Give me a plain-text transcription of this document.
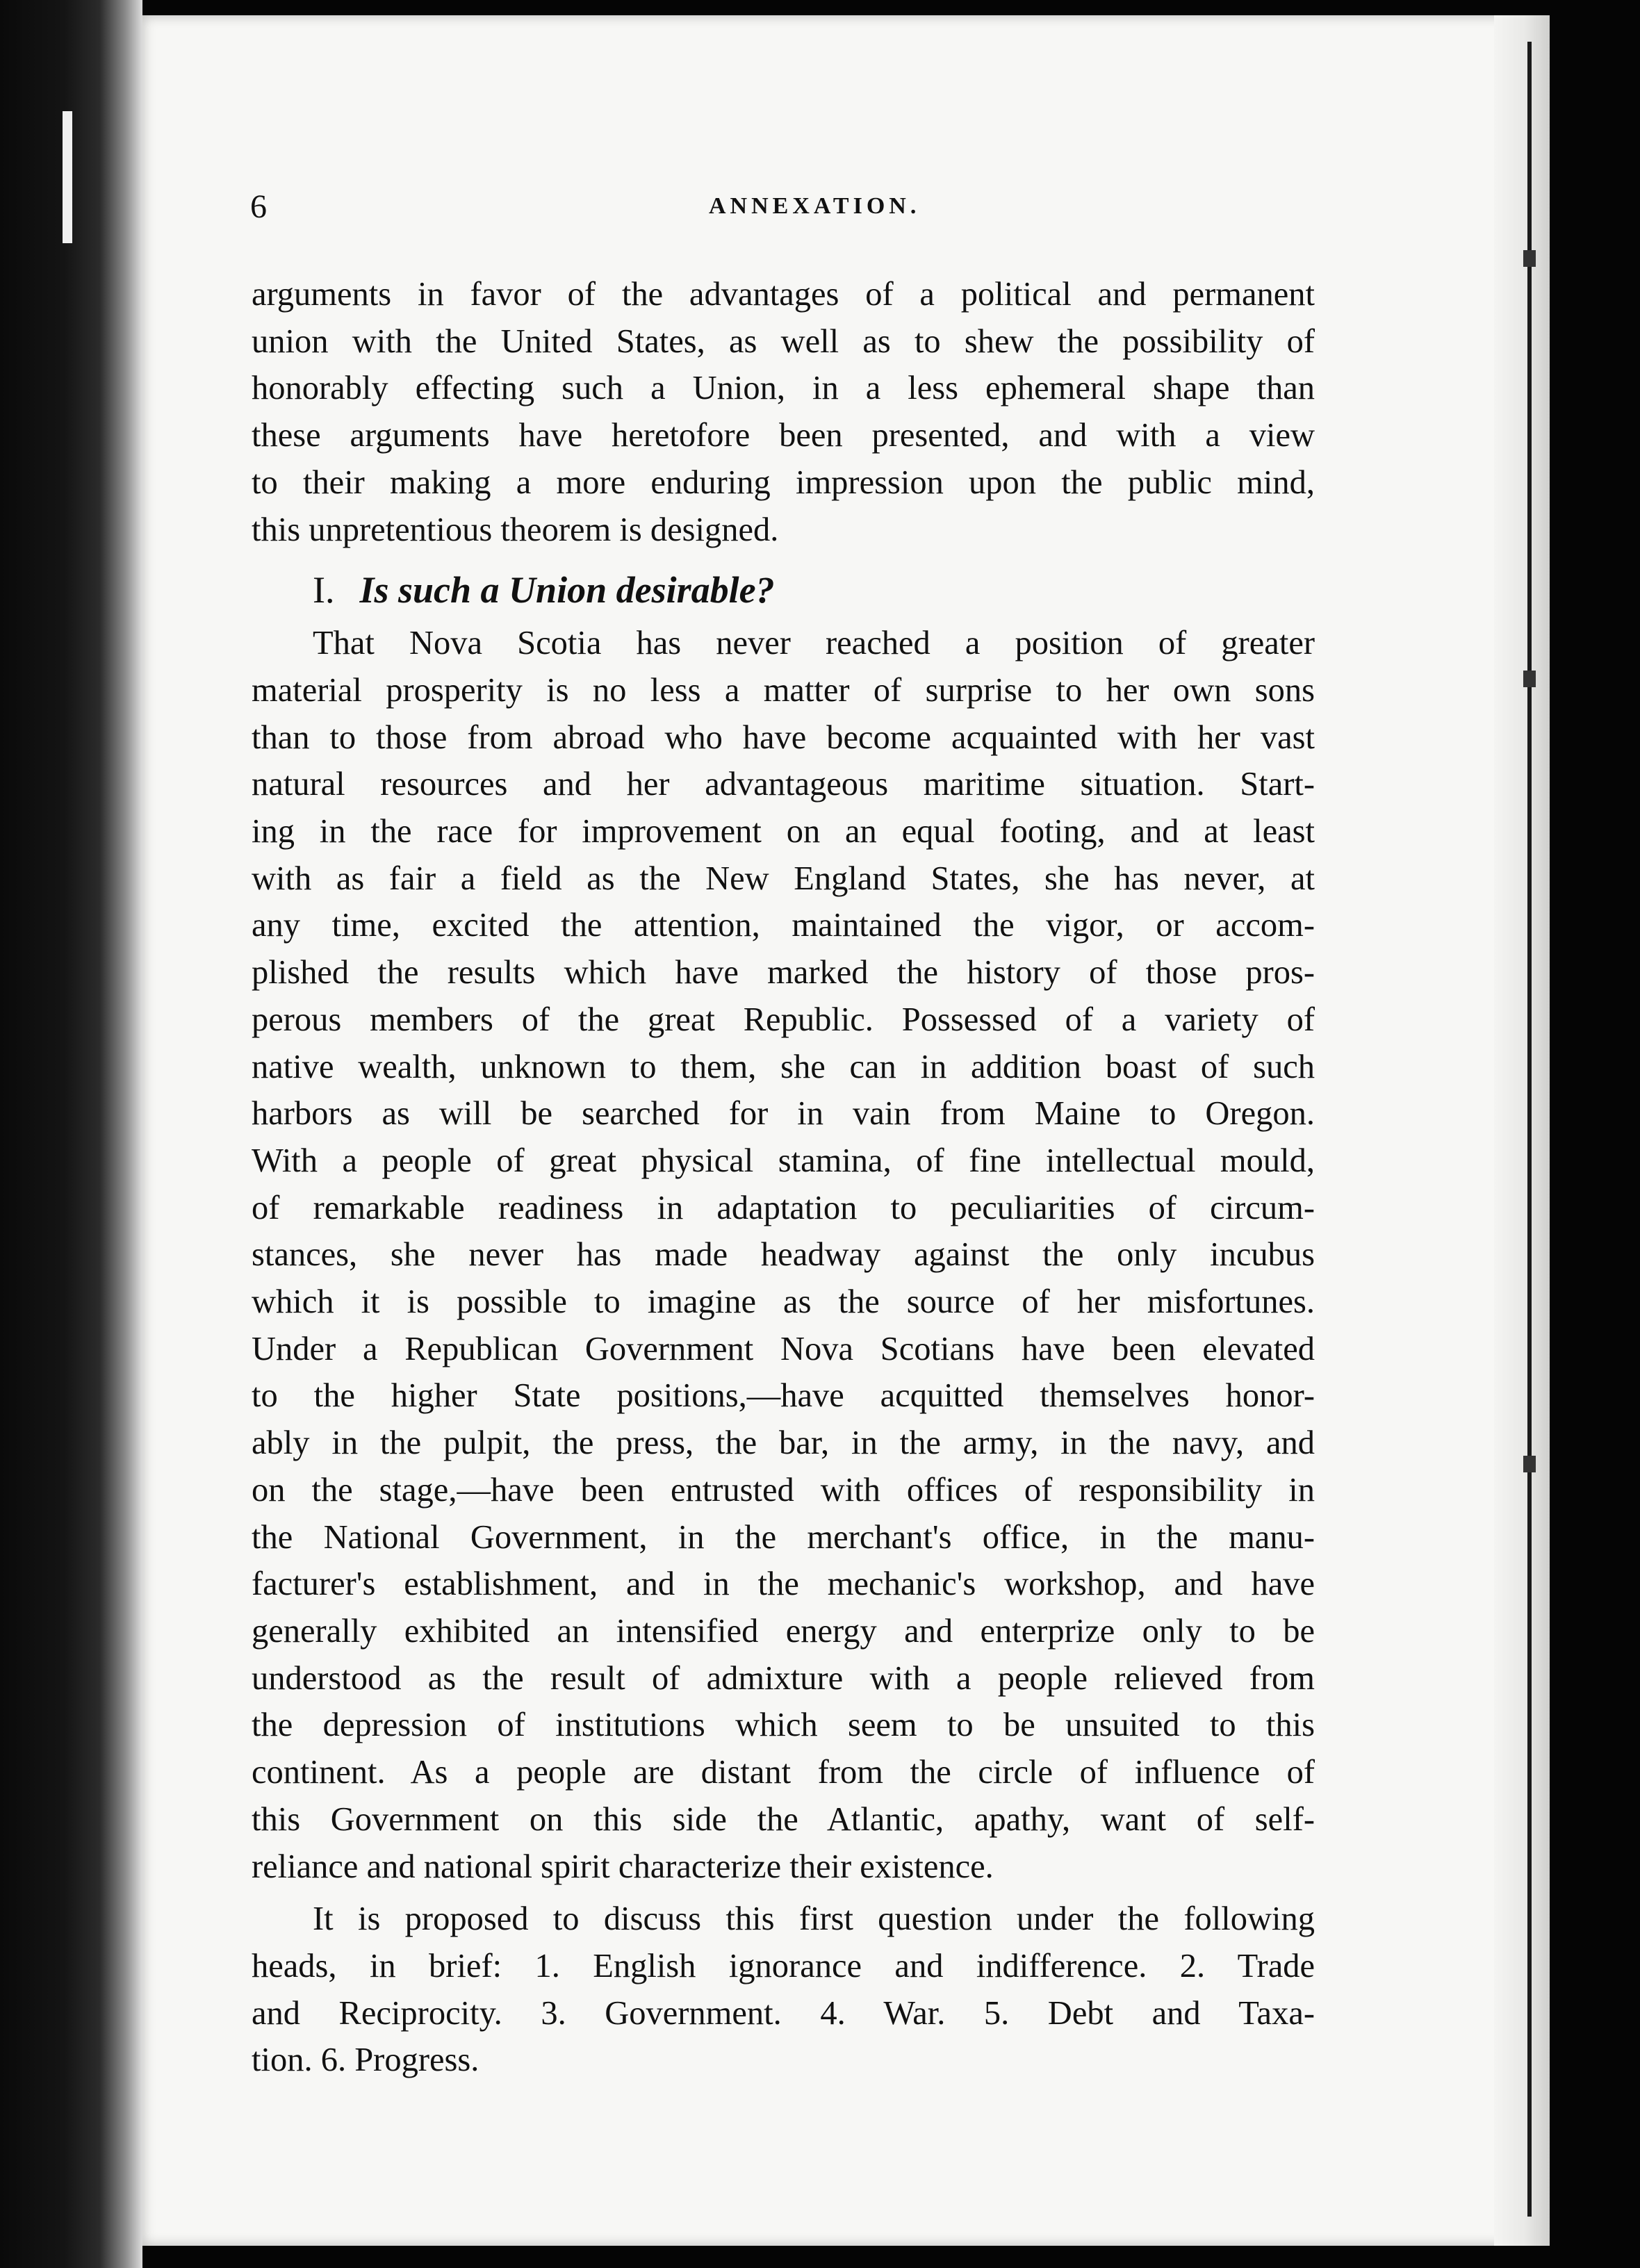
6	ANNEXATION.
arguments in favor of the advantages of a political and permanent
union with the United States, as well as to shew the possibility of
honorably effecting such a Union, in a less ephemeral shape than
these arguments have heretofore been presented, and with a view
to their making a more enduring impression upon the public mind,
this unpretentious theorem is designed.
I. Is such a Union desirable?
That Nova Scotia has never reached a position of greater
material prosperity is no less a matter of surprise to her own sons
than to those from abroad who have become acquainted with her vast
natural resources and her advantageous maritime situation. Start-
ing in the race for improvement on an equal footing, and at least
with as fair a field as the New England States, she has never, at
any time, excited the attention, maintained the vigor, or accom-
plished the results which have marked the history of those pros-
perous members of the great Republic. Possessed of a variety of
native wealth, unknown to them, she can in addition boast of such
harbors as will be searched for in vain from Maine to Oregon.
With a people of great physical stamina, of fine intellectual mould,
of remarkable readiness in adaptation to peculiarities of circum-
stances, she never has made headway against the only incubus
which it is possible to imagine as the source of her misfortunes.
Under a Republican Government Nova Scotians have been elevated
to the higher State positions,—have acquitted themselves honor-
ably in the pulpit, the press, the bar, in the army, in the navy, and
on the stage,—have been entrusted with offices of responsibility in
the National Government, in the merchant's office, in the manu-
facturer's establishment, and in the mechanic's workshop, and have
generally exhibited an intensified energy and enterprize only to be
understood as the result of admixture with a people relieved from
the depression of institutions which seem to be unsuited to this
continent. As a people are distant from the circle of influence of
this Government on this side the Atlantic, apathy, want of self-
reliance and national spirit characterize their existence.
It is proposed to discuss this first question under the following
heads, in brief: 1. English ignorance and indifference. 2. Trade
and Reciprocity. 3. Government. 4. War. 5. Debt and Taxa-
tion. 6. Progress.
